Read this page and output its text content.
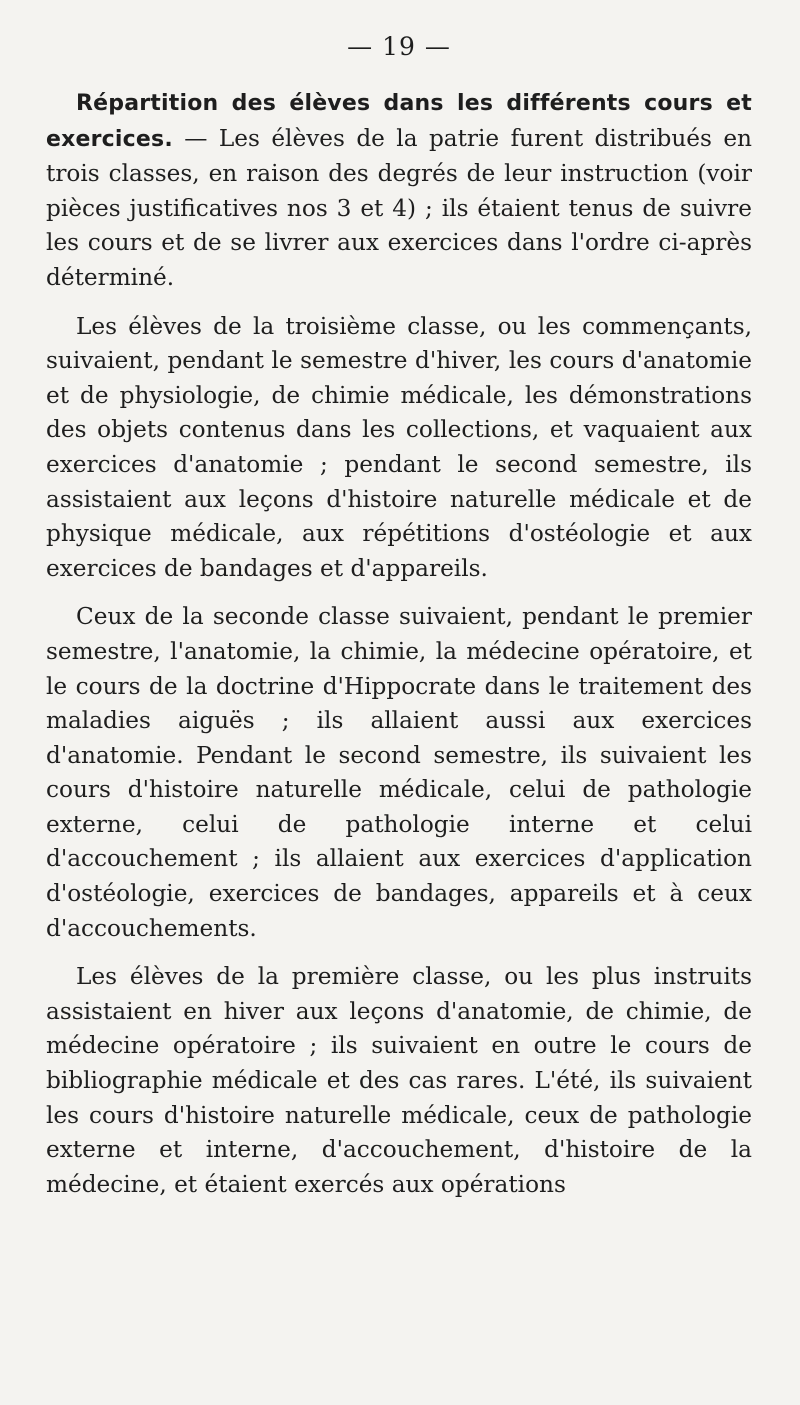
— 19 —

Répartition des élèves dans les différents cours et exercices. — Les élèves de la patrie furent distribués en trois classes, en raison des degrés de leur instruction (voir pièces justificatives nos 3 et 4) ; ils étaient tenus de suivre les cours et de se livrer aux exercices dans l'ordre ci-après déterminé.

Les élèves de la troisième classe, ou les commençants, suivaient, pendant le semestre d'hiver, les cours d'anatomie et de physiologie, de chimie médicale, les démonstrations des objets contenus dans les collections, et vaquaient aux exercices d'anatomie ; pendant le second semestre, ils assistaient aux leçons d'histoire naturelle médicale et de physique médicale, aux répétitions d'ostéologie et aux exercices de bandages et d'appareils.

Ceux de la seconde classe suivaient, pendant le premier semestre, l'anatomie, la chimie, la médecine opératoire, et le cours de la doctrine d'Hippocrate dans le traitement des maladies aiguës ; ils allaient aussi aux exercices d'anatomie. Pendant le second semestre, ils suivaient les cours d'histoire naturelle médicale, celui de pathologie externe, celui de pathologie interne et celui d'accouchement ; ils allaient aux exercices d'application d'ostéologie, exercices de bandages, appareils et à ceux d'accouchements.

Les élèves de la première classe, ou les plus instruits assistaient en hiver aux leçons d'anatomie, de chimie, de médecine opératoire ; ils suivaient en outre le cours de bibliographie médicale et des cas rares. L'été, ils suivaient les cours d'histoire naturelle médicale, ceux de pathologie externe et interne, d'accouchement, d'histoire de la médecine, et étaient exercés aux opérations
